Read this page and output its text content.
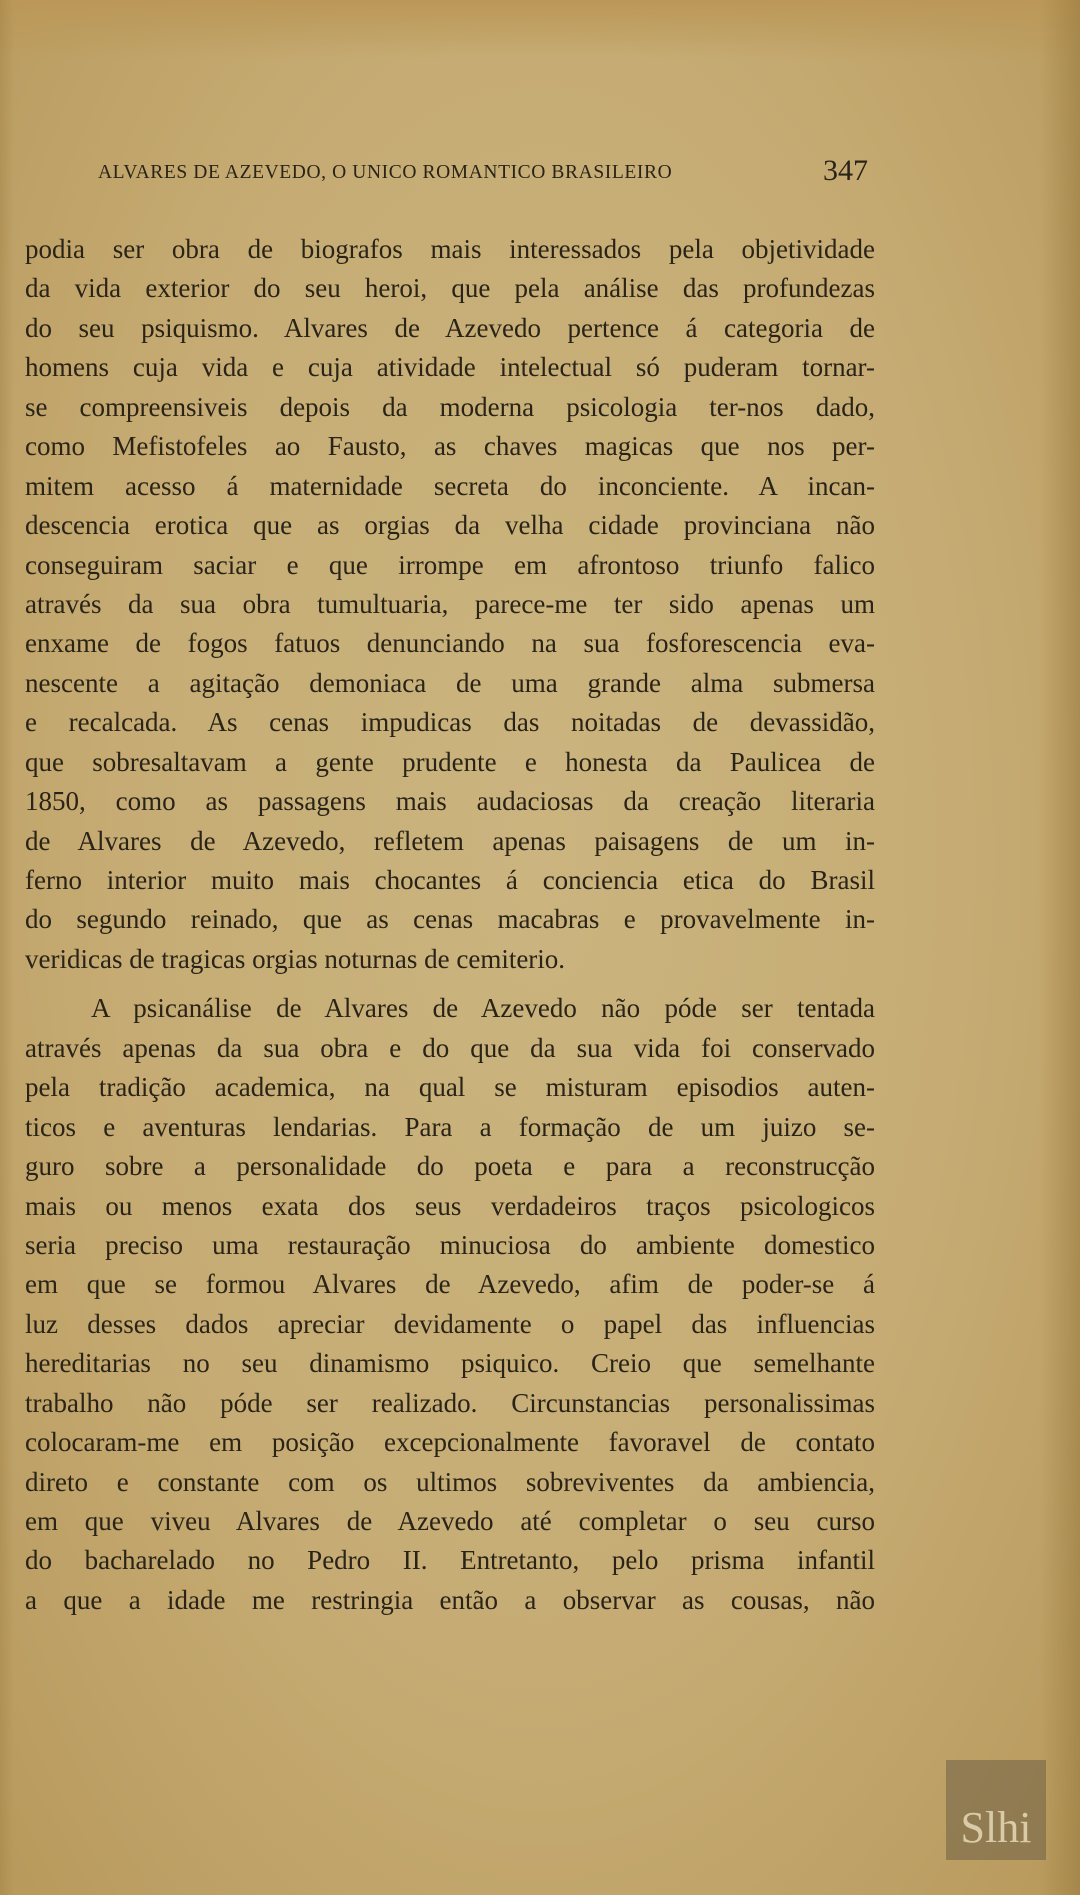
ALVARES DE AZEVEDO, O UNICO ROMANTICO BRASILEIRO	347
podia ser obra de biografos mais interessados pela objetividade
da vida exterior do seu heroi, que pela análise das profundezas
do seu psiquismo. Alvares de Azevedo pertence á categoria de
homens cuja vida e cuja atividade intelectual só puderam tornar-
se compreensiveis depois da moderna psicologia ter-nos dado,
como Mefistofeles ao Fausto, as chaves magicas que nos per-
mitem acesso á maternidade secreta do inconciente. A incan-
descencia erotica que as orgias da velha cidade provinciana não
conseguiram saciar e que irrompe em afrontoso triunfo falico
através da sua obra tumultuaria, parece-me ter sido apenas um
enxame de fogos fatuos denunciando na sua fosforescencia eva-
nescente a agitação demoniaca de uma grande alma submersa
e recalcada. As cenas impudicas das noitadas de devassidão,
que sobresaltavam a gente prudente e honesta da Paulicea de
1850, como as passagens mais audaciosas da creação literaria
de Alvares de Azevedo, refletem apenas paisagens de um in-
ferno interior muito mais chocantes á conciencia etica do Brasil
do segundo reinado, que as cenas macabras e provavelmente in-
veridicas de tragicas orgias noturnas de cemiterio.
A psicanálise de Alvares de Azevedo não póde ser tentada
através apenas da sua obra e do que da sua vida foi conservado
pela tradição academica, na qual se misturam episodios auten-
ticos e aventuras lendarias. Para a formação de um juizo se-
guro sobre a personalidade do poeta e para a reconstrucção
mais ou menos exata dos seus verdadeiros traços psicologicos
seria preciso uma restauração minuciosa do ambiente domestico
em que se formou Alvares de Azevedo, afim de poder-se á
luz desses dados apreciar devidamente o papel das influencias
hereditarias no seu dinamismo psiquico. Creio que semelhante
trabalho não póde ser realizado. Circunstancias personalissimas
colocaram-me em posição excepcionalmente favoravel de contato
direto e constante com os ultimos sobreviventes da ambiencia,
em que viveu Alvares de Azevedo até completar o seu curso
do bacharelado no Pedro II. Entretanto, pelo prisma infantil
a que a idade me restringia então a observar as cousas, não
Slhi
